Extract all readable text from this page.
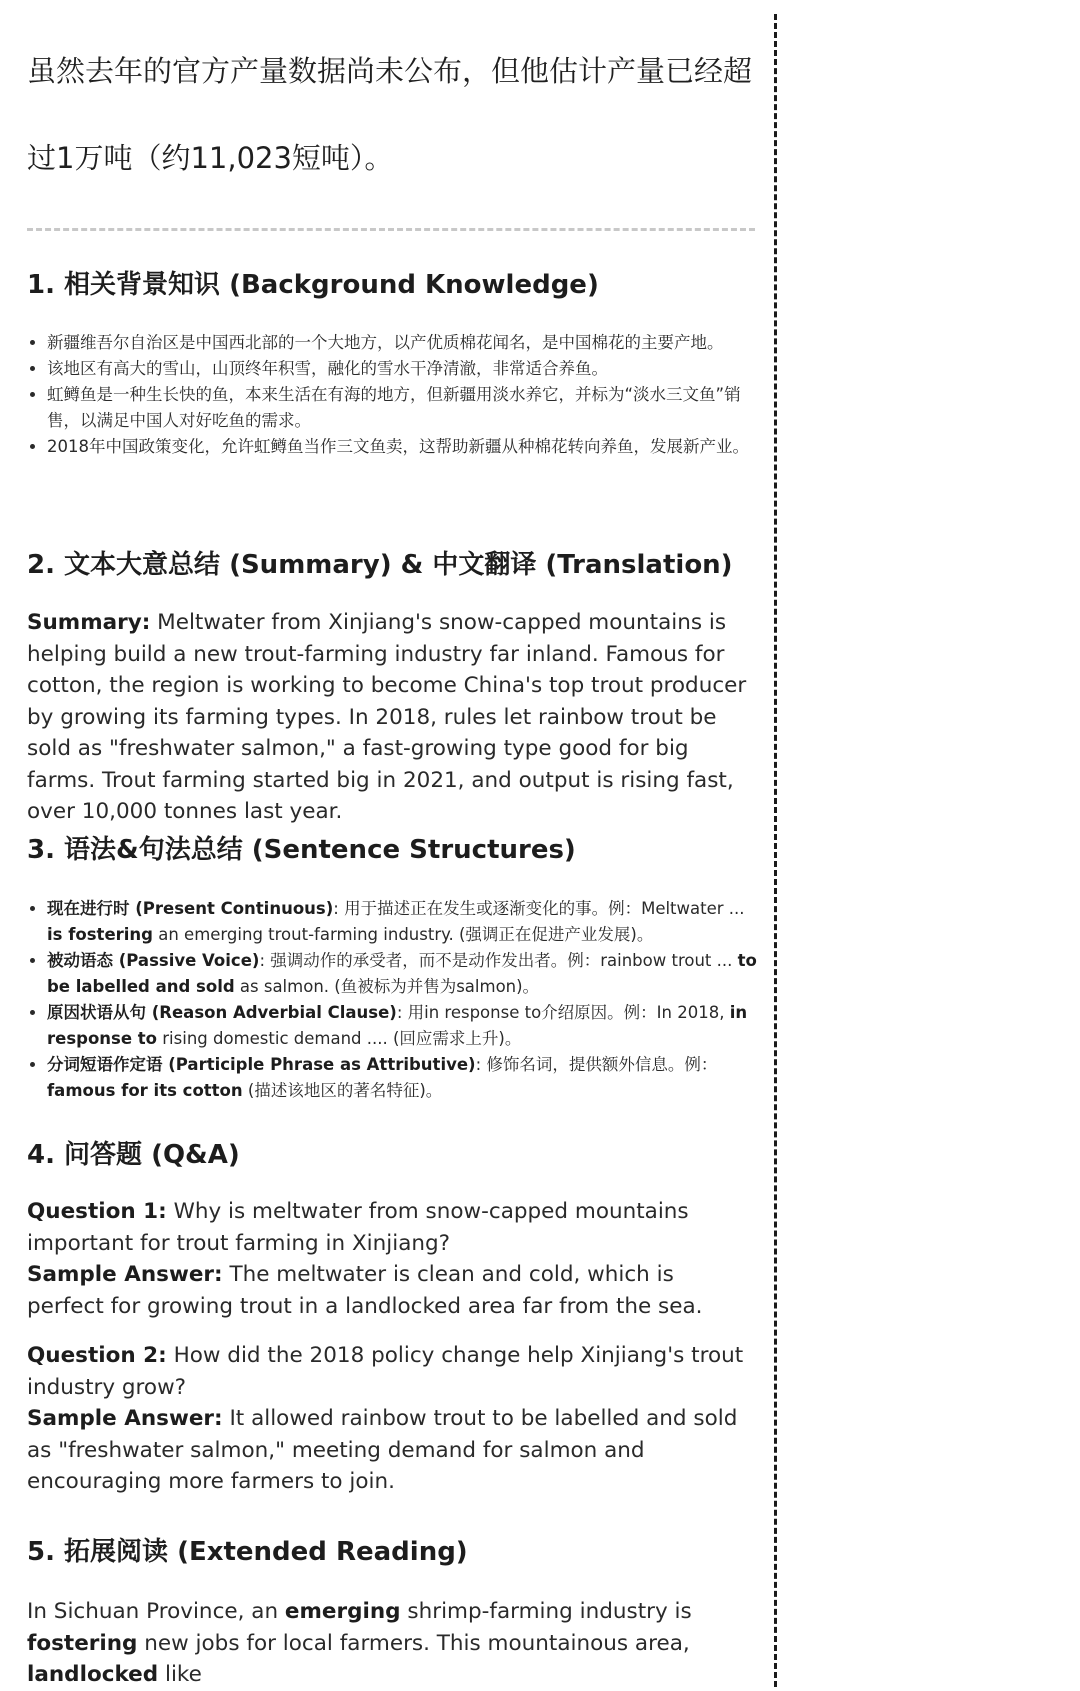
虽然去年的官方产量数据尚未公布，但他估计产量已经超
过1万吨（约11,023短吨）。

1. 相关背景知识 (Background Knowledge)
• 新疆维吾尔自治区是中国西北部的一个大地方，以产优质棉花闻名，是中国棉花的主要产地。
• 该地区有高大的雪山，山顶终年积雪，融化的雪水干净清澈，非常适合养鱼。
• 虹鳟鱼是一种生长快的鱼，本来生活在有海的地方，但新疆用淡水养它，并标为“淡水三文鱼”销售，以满足中国人对好吃鱼的需求。
• 2018年中国政策变化，允许虹鳟鱼当作三文鱼卖，这帮助新疆从种棉花转向养鱼，发展新产业。
2. 文本大意总结 (Summary) & 中文翻译 (Translation)

Summary: Meltwater from Xinjiang's snow-capped mountains is helping build a new trout-farming industry far inland. Famous for cotton, the region is working to become China's top trout producer by growing its farming types. In 2018, rules let rainbow trout be sold as "freshwater salmon," a fast-growing type good for big farms. Trout farming started big in 2021, and output is rising fast, over 10,000 tonnes last year.

3. 语法&句法总结 (Sentence Structures)
• 现在进行时 (Present Continuous): 用于描述正在发生或逐渐变化的事。例：Meltwater ... is fostering an emerging trout-farming industry. (强调正在促进产业发展)。
• 被动语态 (Passive Voice): 强调动作的承受者，而不是动作发出者。例：rainbow trout ... to be labelled and sold as salmon. (鱼被标为并售为salmon)。
• 原因状语从句 (Reason Adverbial Clause): 用in response to介绍原因。例：In 2018, in response to rising domestic demand .... (回应需求上升)。
• 分词短语作定语 (Participle Phrase as Attributive): 修饰名词，提供额外信息。例：famous for its cotton (描述该地区的著名特征)。
4. 问答题 (Q&A)

Question 1: Why is meltwater from snow-capped mountains important for trout farming in Xinjiang?
Sample Answer: The meltwater is clean and cold, which is perfect for growing trout in a landlocked area far from the sea.

Question 2: How did the 2018 policy change help Xinjiang's trout industry grow?
Sample Answer: It allowed rainbow trout to be labelled and sold as "freshwater salmon," meeting demand for salmon and encouraging more farmers to join.

5. 拓展阅读 (Extended Reading)

In Sichuan Province, an emerging shrimp-farming industry is fostering new jobs for local farmers. This mountainous area, landlocked like
